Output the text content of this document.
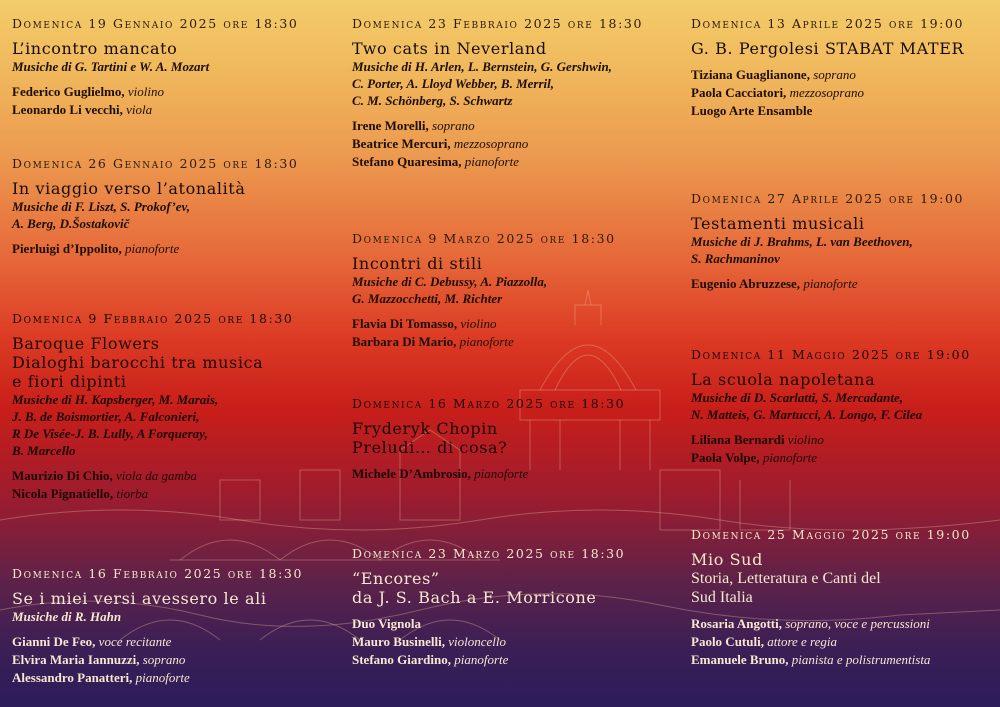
Domenica 19 Gennaio 2025 ore 18:30
L’incontro mancato
Musiche di G. Tartini e W. A. Mozart
Federico Guglielmo, violino
Leonardo Li vecchi, viola
Domenica 26 Gennaio 2025 ore 18:30
In viaggio verso l’atonalità
Musiche di F. Liszt, S. Prokof’ev,
A. Berg, D.Šostakovič
Pierluigi d’Ippolito, pianoforte
Domenica 9 Febbraio 2025 ore 18:30
Baroque Flowers
Dialoghi barocchi tra musica
e fiori dipinti
Musiche di H. Kapsberger, M. Marais,
J. B. de Boismortier, A. Falconieri,
R De Visée-J. B. Lully, A Forqueray,
B. Marcello
Maurizio Di Chio, viola da gamba
Nicola Pignatiello, tiorba
Domenica 16 Febbraio 2025 ore 18:30
Se i miei versi avessero le ali
Musiche di R. Hahn
Gianni De Feo, voce recitante
Elvira Maria Iannuzzi, soprano
Alessandro Panatteri, pianoforte
Domenica 23 Febbraio 2025 ore 18:30
Two cats in Neverland
Musiche di H. Arlen, L. Bernstein, G. Gershwin,
C. Porter, A. Lloyd Webber, B. Merril,
C. M. Schönberg, S. Schwartz
Irene Morelli, soprano
Beatrice Mercuri, mezzosoprano
Stefano Quaresima, pianoforte
Domenica 9 Marzo 2025 ore 18:30
Incontri di stili
Musiche di C. Debussy, A. Piazzolla,
G. Mazzocchetti, M. Richter
Flavia Di Tomasso, violino
Barbara Di Mario, pianoforte
Domenica 16 Marzo 2025 ore 18:30
Fryderyk Chopin
Preludi… di cosa?
Michele D’Ambrosio, pianoforte
Domenica 23 Marzo 2025 ore 18:30
“Encores”
da J. S. Bach a E. Morricone
Duo Vignola
Mauro Businelli, violoncello
Stefano Giardino, pianoforte
Domenica 13 Aprile 2025 ore 19:00
G. B. Pergolesi STABAT MATER
Tiziana Guaglianone, soprano
Paola Cacciatori, mezzosoprano
Luogo Arte Ensamble
Domenica 27 Aprile 2025 ore 19:00
Testamenti musicali
Musiche di J. Brahms, L. van Beethoven,
S. Rachmaninov
Eugenio Abruzzese, pianoforte
Domenica 11 Maggio 2025 ore 19:00
La scuola napoletana
Musiche di D. Scarlatti, S. Mercadante,
N. Matteis, G. Martucci, A. Longo, F. Cilea
Liliana Bernardi violino
Paola Volpe, pianoforte
Domenica 25 Maggio 2025 ore 19:00
Mio Sud
Storia, Letteratura e Canti del
Sud Italia
Rosaria Angotti, soprano, voce e percussioni
Paolo Cutuli, attore e regia
Emanuele Bruno, pianista e polistrumentista
